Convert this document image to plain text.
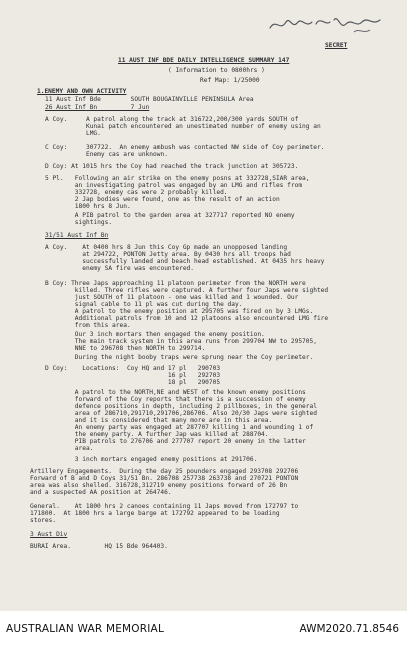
SECRET
11 AUST INF BDE DAILY INTELLIGENCE SUMMARY 147
( Information to 0800hrs )
Ref Map: 1/25000
1.ENEMY AND OWN ACTIVITY
11 Aust Inf Bde        SOUTH BOUGAINVILLE PENINSULA Area
26 Aust Inf Bn         7 Jun
A Coy.     A patrol along the track at 316722,200/300 yards SOUTH of
Kunai patch encountered an unestimated number of enemy using an
LMG.
C Coy:     307722.  An enemy ambush was contacted NW side of Coy perimeter.
Enemy cas are unknown.
D Coy: At 1015 hrs the Coy had reached the track junction at 305723.
5 Pl.   Following an air strike on the enemy posns at 332728,SIAR area,
an investigating patrol was engaged by an LMG and rifles from
332728, enemy cas were 2 probably killed.
2 Jap bodies were found, one as the result of an action
1800 hrs 8 Jun.
A PIB patrol to the garden area at 327717 reported NO enemy
sightings.
31/51 Aust Inf Bn
A Coy.    At 0400 hrs 8 Jun this Coy Gp made an unopposed landing
at 294722, PONTON Jetty area. By 0430 hrs all troops had
successfully landed and beach head established. At 0435 hrs heavy
enemy SA fire was encountered.
B Coy: Three Japs approaching 11 platoon perimeter from the NORTH were
killed. Three rifles were captured. A further four Japs were sighted
just SOUTH of 11 platoon - one was killed and 1 wounded. Our
signal cable to 11 pl was cut during the day.
A patrol to the enemy position at 295705 was fired on by 3 LMGs.
Additional patrols from 10 and 12 platoons also encountered LMG fire
from this area.
Our 3 inch mortars then engaged the enemy position.
The main track system in this area runs from 299704 NW to 295705,
NNE to 296708 then NORTH to 299714.
During the night booby traps were sprung near the Coy perimeter.
D Coy:    Locations:  Coy HQ and 17 pl   290703
16 pl   292703
18 pl   290705
A patrol to the NORTH,NE and WEST of the known enemy positions
forward of the Coy reports that there is a succession of enemy
defence positions in depth, including 2 pillboxes, in the general
area of 286710,291710,291706,286706. Also 20/30 Japs were sighted
and it is considered that many more are in this area.
An enemy party was engaged at 287707 killing 1 and wounding 1 of
the enemy party. A further Jap was killed at 288704.
PIB patrols to 276706 and 277707 report 20 enemy in the latter
area.
3 inch mortars engaged enemy positions at 291706.
Artillery Engagements.  During the day 25 pounders engaged 293708 292706
Forward of B and D Coys 31/51 Bn. 286708 257738 263738 and 270721 PONTON
area was also shelled. 316728,312719 enemy positions forward of 26 Bn
and a suspected AA position at 264746.
General.    At 1800 hrs 2 canoes containing 11 Japs moved from 172797 to
171800.  At 1800 hrs a large barge at 172792 appeared to be loading
stores.
3 Aust Div
BURAI Area.         HQ 15 Bde 964403.
AUSTRALIAN WAR MEMORIAL	AWM2020.71.8546
